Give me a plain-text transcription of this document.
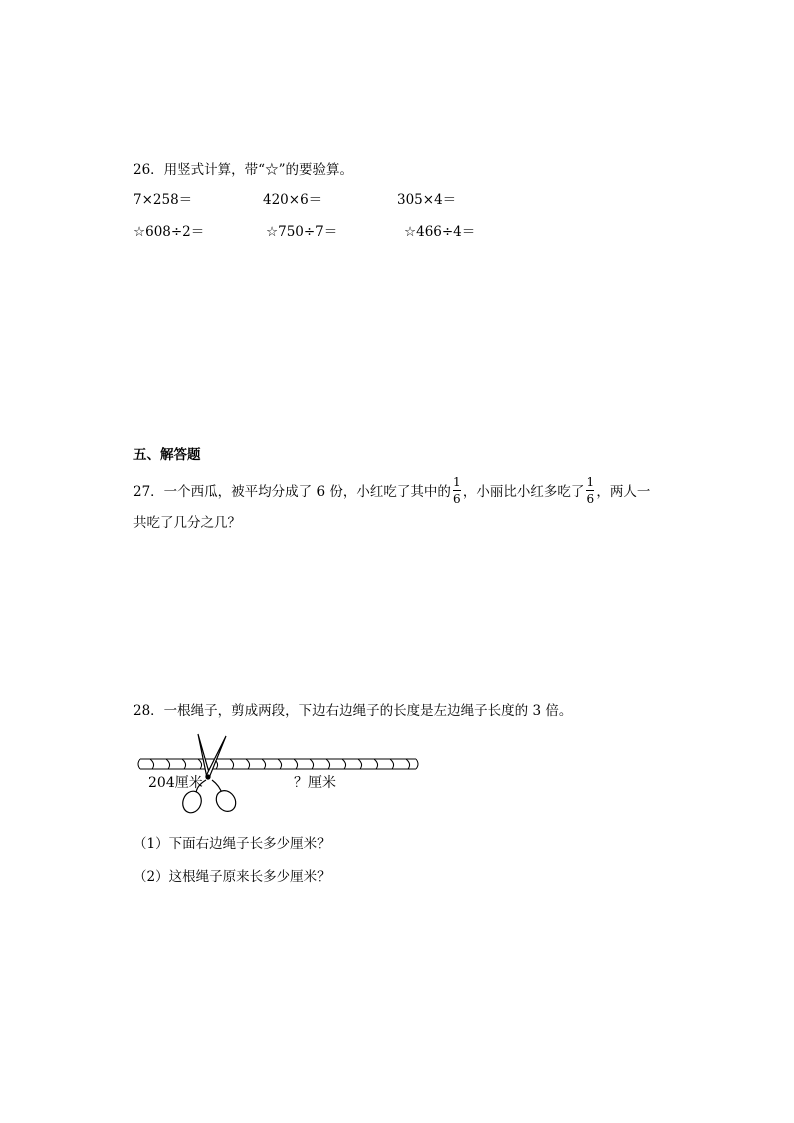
26．用竖式计算，带“☆”的要验算。
7×258＝	420×6＝	305×4＝
☆608÷2＝	☆750÷7＝	☆466÷4＝
五、解答题
27．一个西瓜，被平均分成了 6 份，小红吃了其中的
1
6 ，小丽比小红多吃了
1
6 ，两人一
共吃了几分之几？
28．一根绳子，剪成两段，下边右边绳子的长度是左边绳子长度的 3 倍。
204厘米	？厘米
（1）下面右边绳子长多少厘米？
（2）这根绳子原来长多少厘米？
